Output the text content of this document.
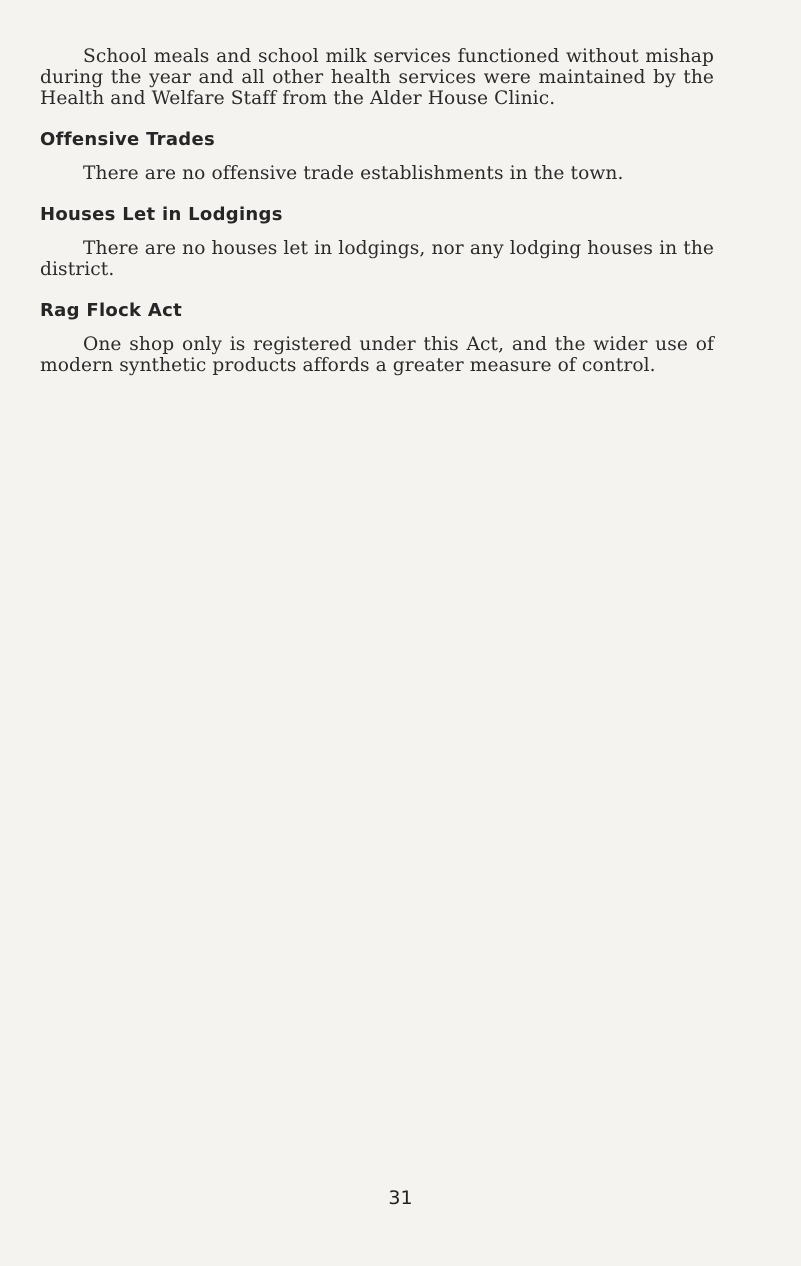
School meals and school milk services functioned without mishap during the year and all other health services were maintained by the Health and Welfare Staff from the Alder House Clinic.

Offensive Trades

There are no offensive trade establishments in the town.

Houses Let in Lodgings

There are no houses let in lodgings, nor any lodging houses in the district.

Rag Flock Act

One shop only is registered under this Act, and the wider use of modern synthetic products affords a greater measure of control.

31
